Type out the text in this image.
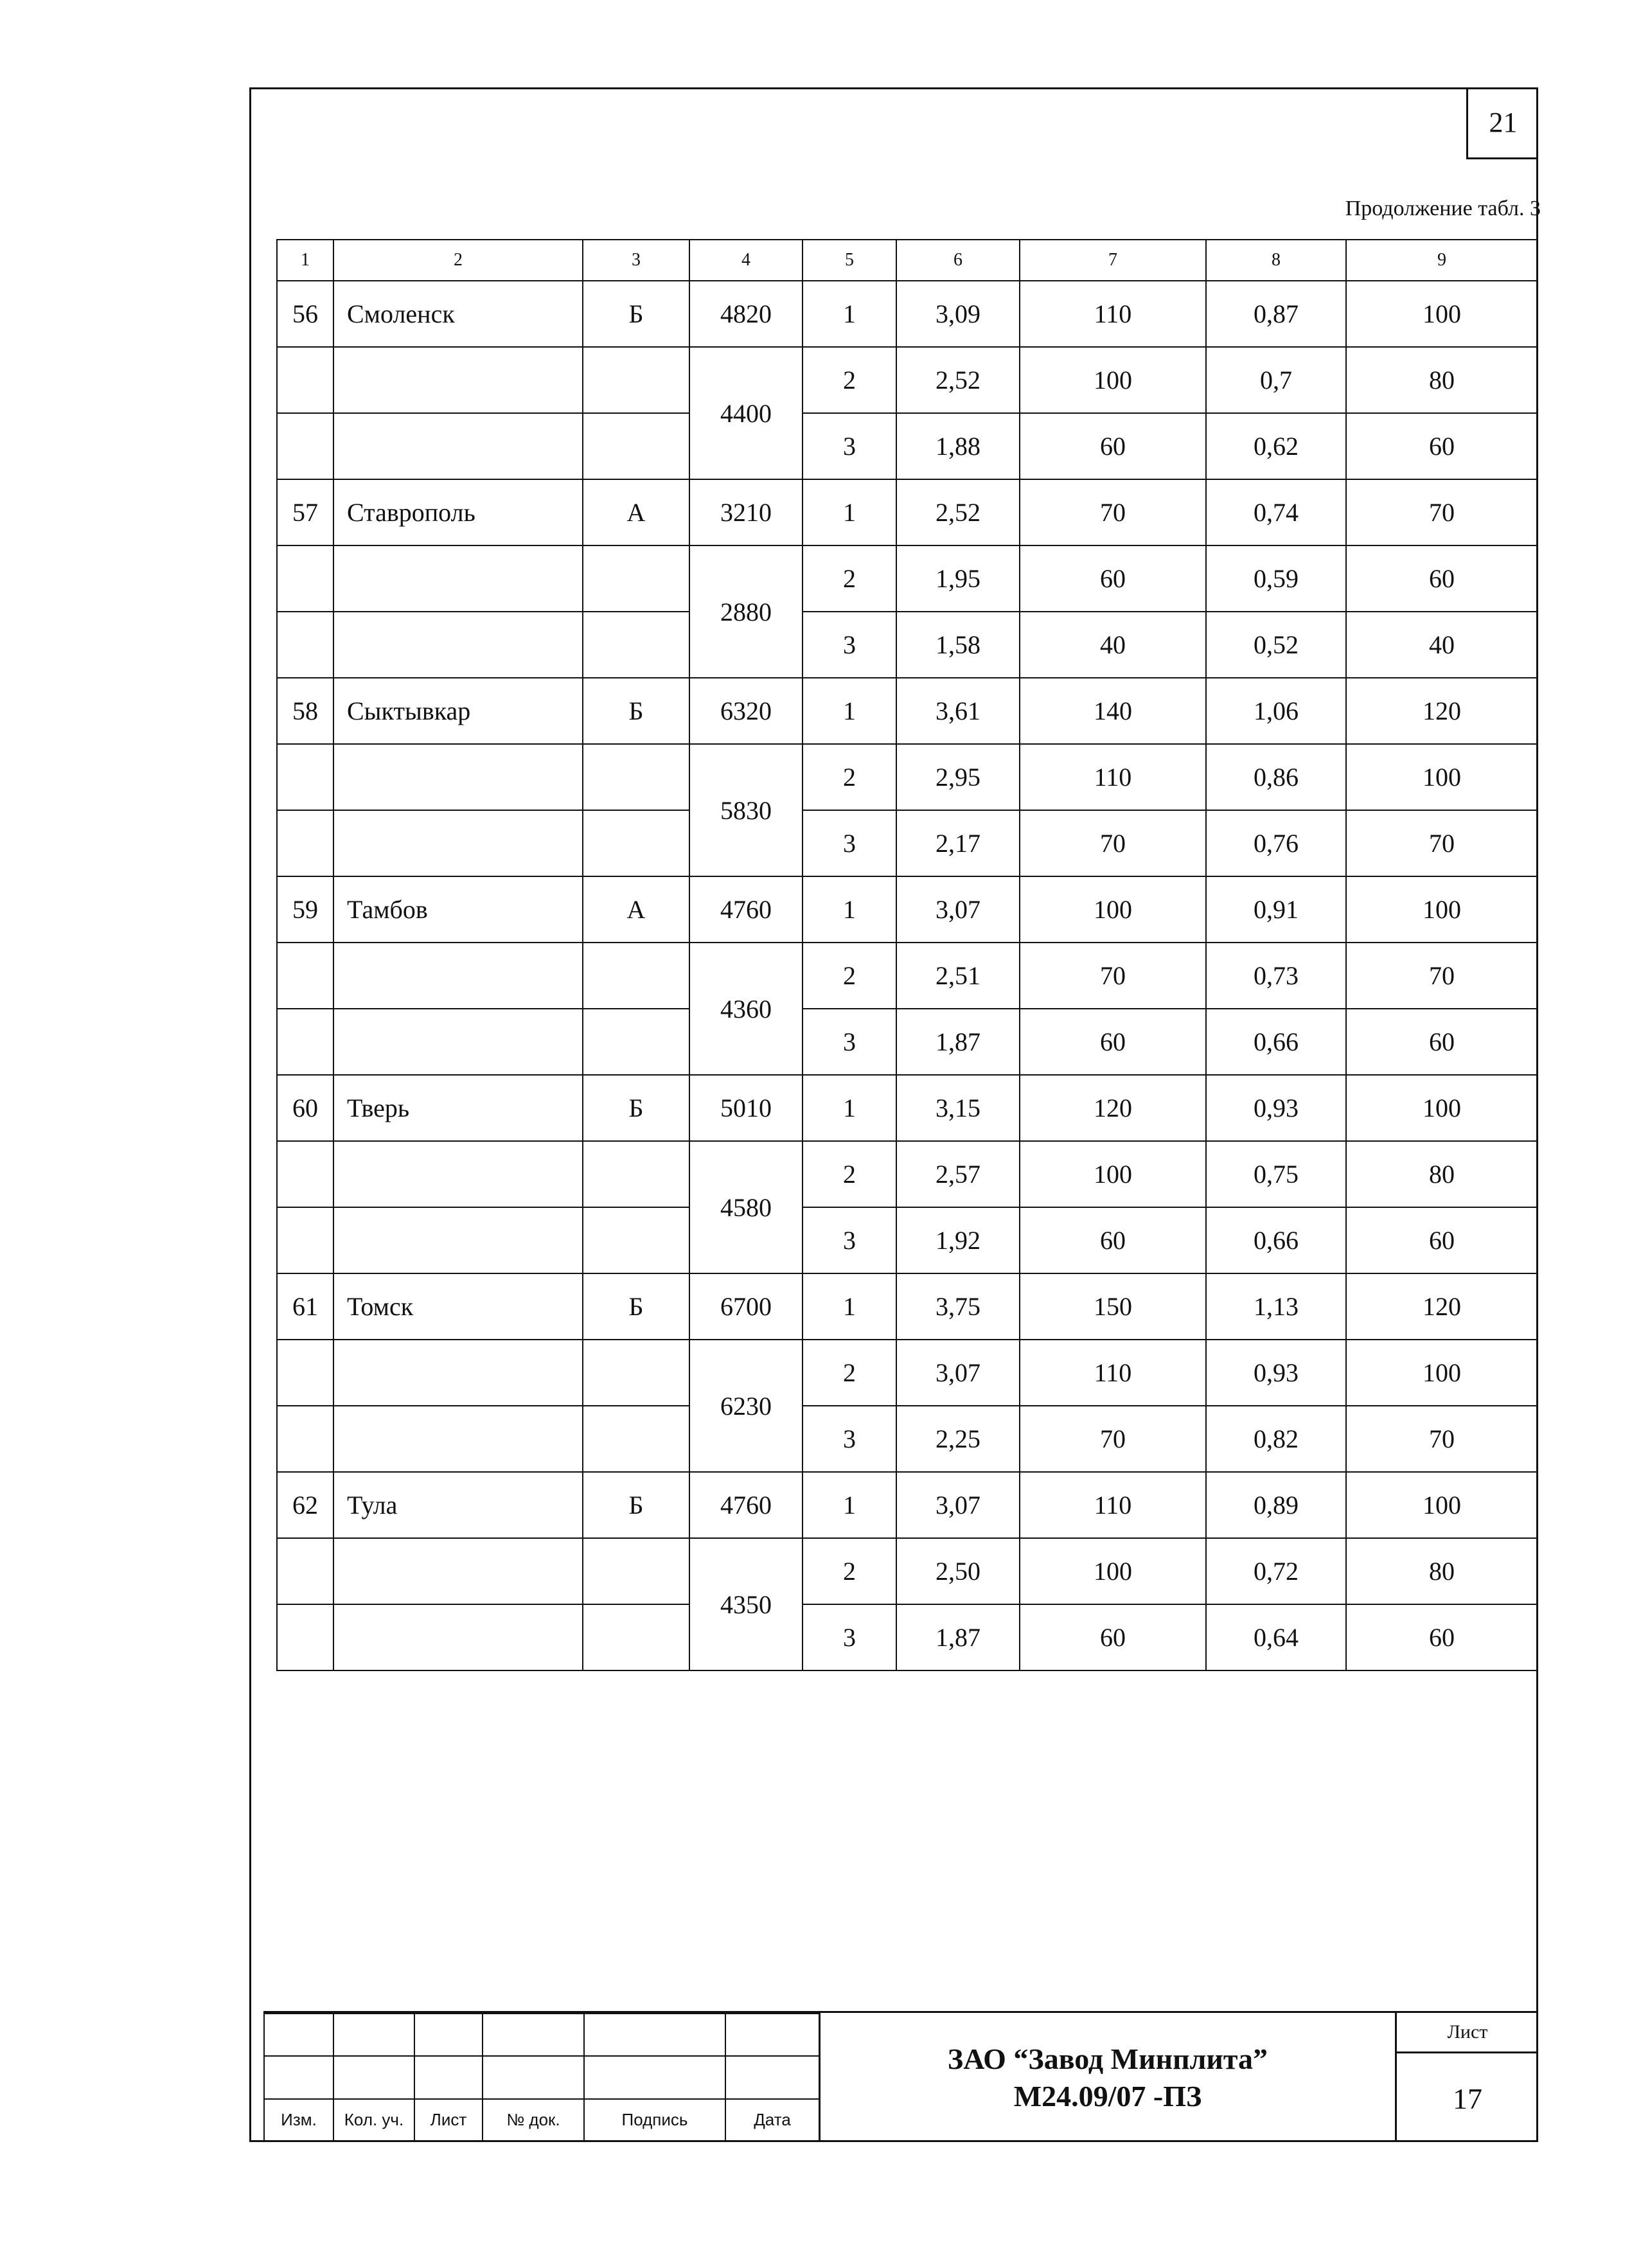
21
Продолжение табл. 3
1	2	3	4	5	6	7	8	9
56	Смоленск	Б	4820	1	3,09	110	0,87	100
			4400	2	2,52	100	0,7	80
				3	1,88	60	0,62	60
57	Ставрополь	А	3210	1	2,52	70	0,74	70
			2880	2	1,95	60	0,59	60
				3	1,58	40	0,52	40
58	Сыктывкар	Б	6320	1	3,61	140	1,06	120
			5830	2	2,95	110	0,86	100
				3	2,17	70	0,76	70
59	Тамбов	А	4760	1	3,07	100	0,91	100
			4360	2	2,51	70	0,73	70
				3	1,87	60	0,66	60
60	Тверь	Б	5010	1	3,15	120	0,93	100
			4580	2	2,57	100	0,75	80
				3	1,92	60	0,66	60
61	Томск	Б	6700	1	3,75	150	1,13	120
			6230	2	3,07	110	0,93	100
				3	2,25	70	0,82	70
62	Тула	Б	4760	1	3,07	110	0,89	100
			4350	2	2,50	100	0,72	80
				3	1,87	60	0,64	60

Изм.	Кол. уч.	Лист	№ док.	Подпись	Дата
ЗАО “Завод Минплита”
М24.09/07 -ПЗ
Лист
17
